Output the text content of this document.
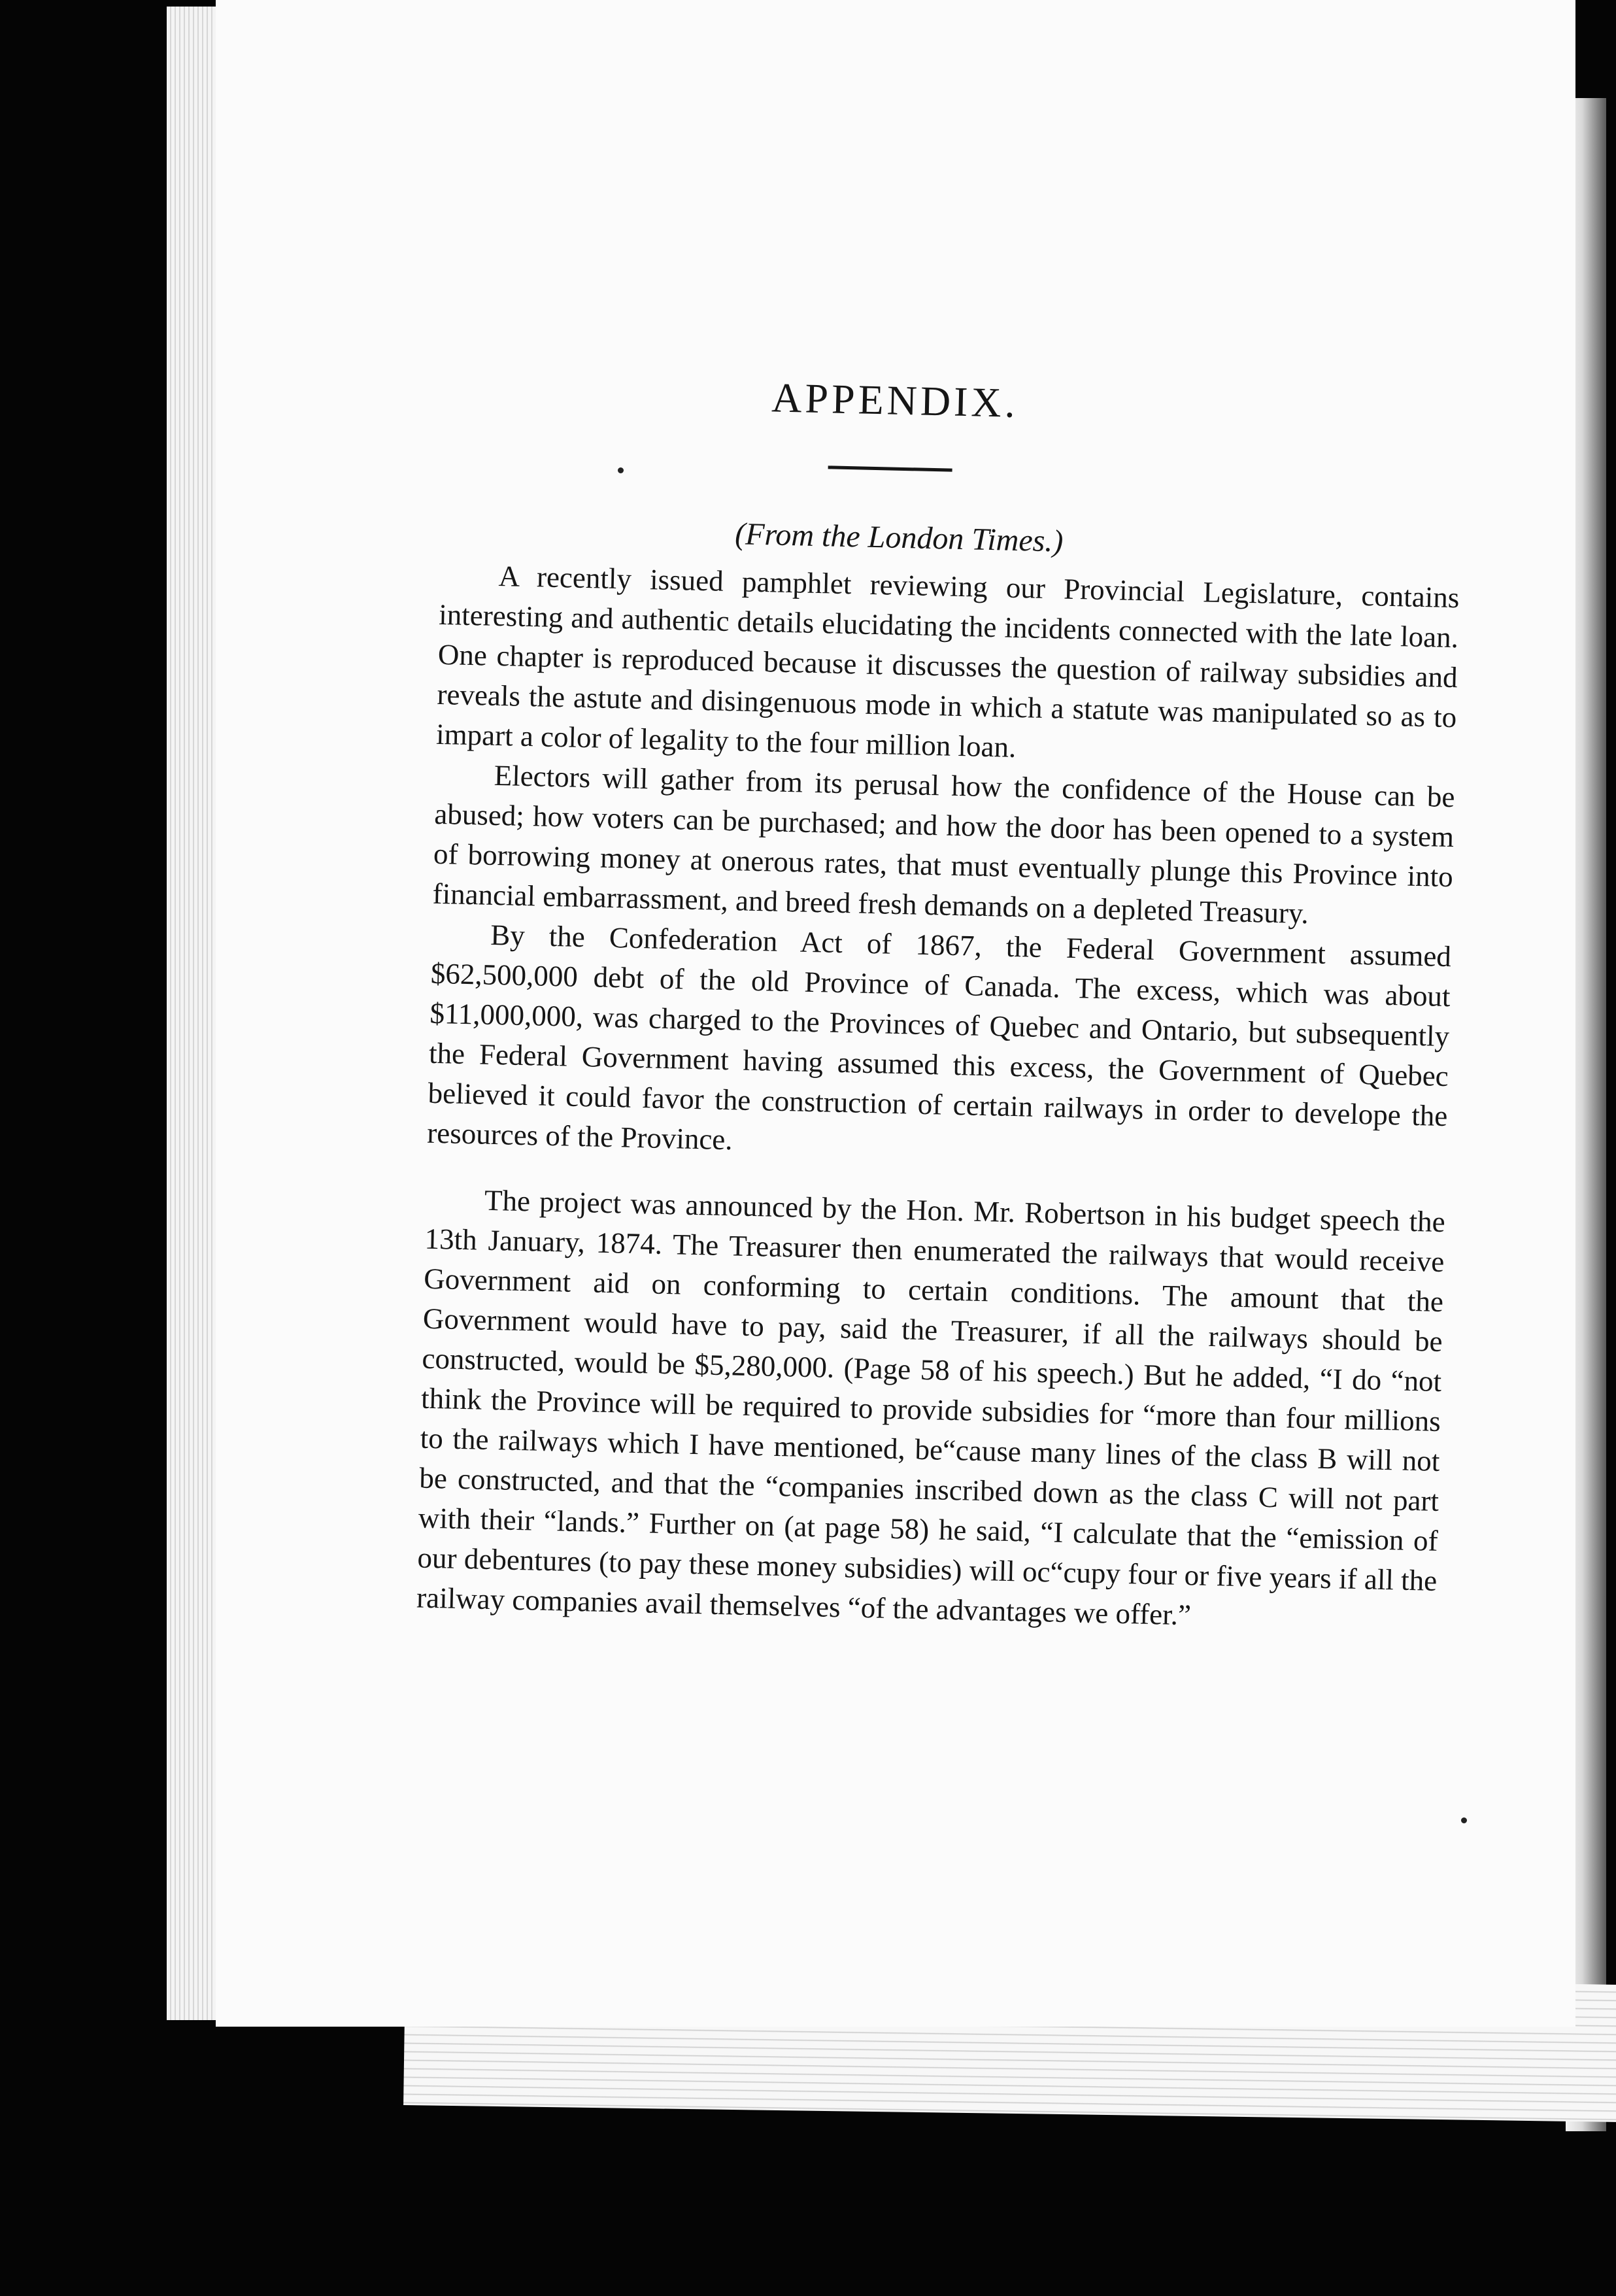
APPENDIX.
(From the London Times.)

A recently issued pamphlet reviewing our Provincial Legislature, contains interesting and authentic details elucidating the incidents connected with the late loan. One chapter is reproduced because it discusses the question of railway subsidies and reveals the astute and disingenuous mode in which a statute was manipulated so as to impart a color of legality to the four million loan.

Electors will gather from its perusal how the confidence of the House can be abused; how voters can be purchased; and how the door has been opened to a system of borrowing money at onerous rates, that must eventually plunge this Province into financial embarrassment, and breed fresh demands on a depleted Treasury.

By the Confederation Act of 1867, the Federal Government assumed $62,500,000 debt of the old Province of Canada. The excess, which was about $11,000,000, was charged to the Provinces of Quebec and Ontario, but subsequently the Federal Government having assumed this excess, the Government of Quebec believed it could favor the construction of certain railways in order to develope the resources of the Province.

The project was announced by the Hon. Mr. Robertson in his budget speech the 13th January, 1874. The Treasurer then enumerated the railways that would receive Government aid on conforming to certain conditions. The amount that the Government would have to pay, said the Treasurer, if all the railways should be constructed, would be $5,280,000. (Page 58 of his speech.) But he added, “I do “not think the Province will be required to provide subsidies for “more than four millions to the railways which I have mentioned, be“cause many lines of the class B will not be constructed, and that the “companies inscribed down as the class C will not part with their “lands.” Further on (at page 58) he said, “I calculate that the “emission of our debentures (to pay these money subsidies) will oc“cupy four or five years if all the railway companies avail themselves “of the advantages we offer.”
